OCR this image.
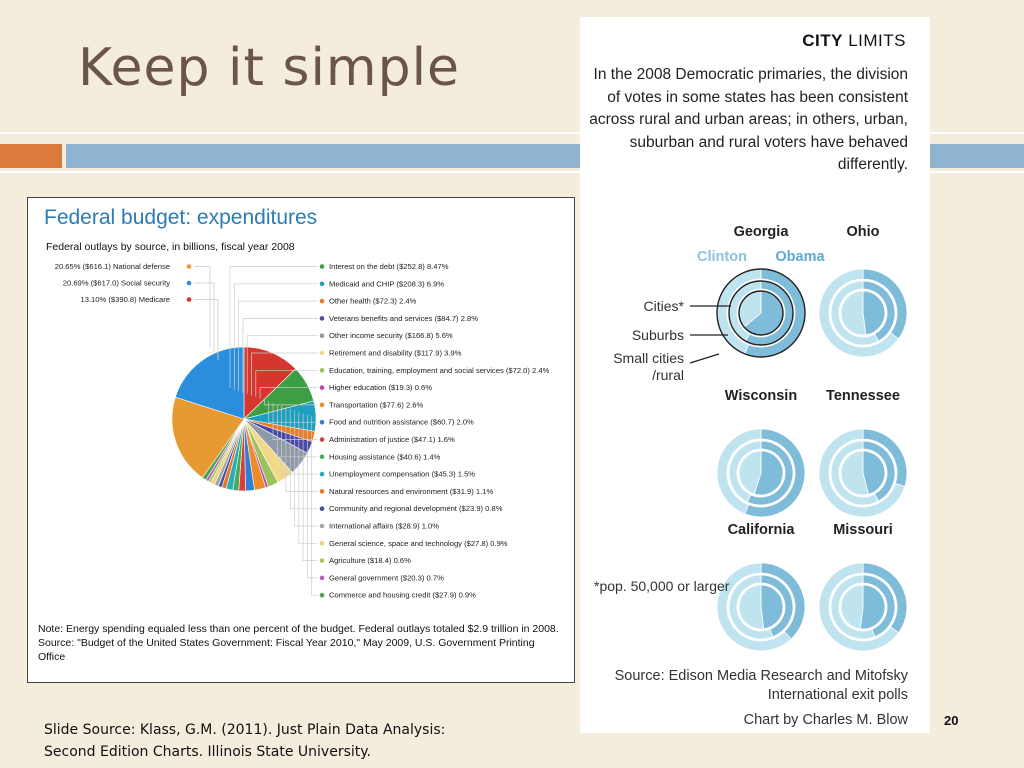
Keep it simple
Federal budget: expenditures
Federal outlays by source, in billions, fiscal year 2008
20.65% ($616.1) National defense
20.69% ($617.0) Social security
13.10% ($390.8) Medicare
Interest on the debt ($252.8) 8.47%
Medicaid and CHIP ($208.3) 6.9%
Other health ($72.3) 2.4%
Veterans benefits and services ($84.7) 2.8%
Other income security ($166.8) 5.6%
Retirement and disability ($117.9) 3.9%
Education, training, employment and social services ($72.0) 2.4%
Higher education ($19.3) 0.6%
Transportation ($77.6) 2.6%
Food and nutrition assistance ($60.7) 2.0%
Administration of justice ($47.1) 1.6%
Housing assistance ($40.6) 1.4%
Unemployment compensation ($45.3) 1.5%
Natural resources and environment ($31.9) 1.1%
Community and regional development ($23.9) 0.8%
International affairs ($28.9) 1.0%
General science, space and technology ($27.8) 0.9%
Agriculture ($18.4) 0.6%
General government ($20.3) 0.7%
Commerce and housing credit ($27.9) 0.9%
Note: Energy spending equaled less than one percent of the budget. Federal outlays totaled $2.9 trillion in 2008.
Source: "Budget of the United States Government: Fiscal Year 2010," May 2009, U.S. Government Printing Office
CITY LIMITS
In the 2008 Democratic primaries, the division of votes in some states has been consistent across rural and urban areas; in others, urban, suburban and rural voters have behaved differently.
Georgia	Ohio
Wisconsin Tennessee
California	Missouri
Clinton Obama
Cities*
Suburbs
Small cities /rural
*pop. 50,000 or larger
Source: Edison Media Research and Mitofsky International exit polls
Chart by Charles M. Blow
Slide Source: Klass, G.M. (2011). Just Plain Data Analysis:
Second Edition Charts. Illinois State University.
20
